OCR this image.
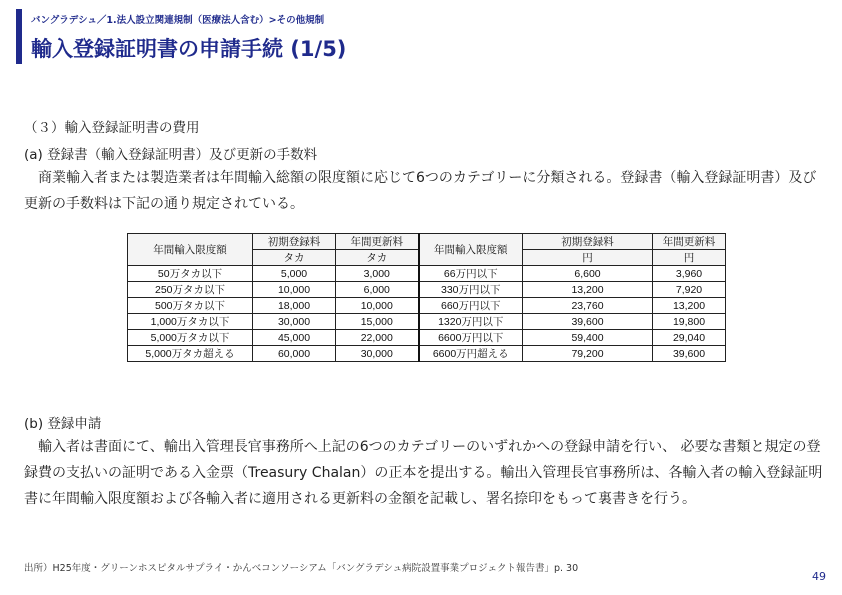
バングラデシュ／1.法人設立関連規制（医療法人含む）>その他規制
輸入登録証明書の申請手続 (1/5)
（３）輸入登録証明書の費用
(a) 登録書（輸入登録証明書）及び更新の手数料
　商業輸入者または製造業者は年間輸入総額の限度額に応じて6つのカテゴリーに分類される。登録書（輸入登録証明書）及び更新の手数料は下記の通り規定されている。
年間輸入限度額	初期登録料	年間更新料	年間輸入限度額	初期登録料	年間更新料
	タカ	タカ		円	円
50万タカ以下	5,000	3,000	66万円以下	6,600	3,960
250万タカ以下	10,000	6,000	330万円以下	13,200	7,920
500万タカ以下	18,000	10,000	660万円以下	23,760	13,200
1,000万タカ以下	30,000	15,000	1320万円以下	39,600	19,800
5,000万タカ以下	45,000	22,000	6600万円以下	59,400	29,040
5,000万タカ超える	60,000	30,000	6600万円超える	79,200	39,600
(b) 登録申請
　輸入者は書面にて、輸出入管理長官事務所へ上記の6つのカテゴリーのいずれかへの登録申請を行い、 必要な書類と規定の登録費の支払いの証明である入金票（Treasury Chalan）の正本を提出する。輸出入管理長官事務所は、各輸入者の輸入登録証明書に年間輸入限度額および各輸入者に適用される更新料の金額を記載し、署名捺印をもって裏書きを行う。
出所）H25年度・グリーンホスピタルサプライ・かんべコンソーシアム「バングラデシュ病院設置事業プロジェクト報告書」p. 30
49
